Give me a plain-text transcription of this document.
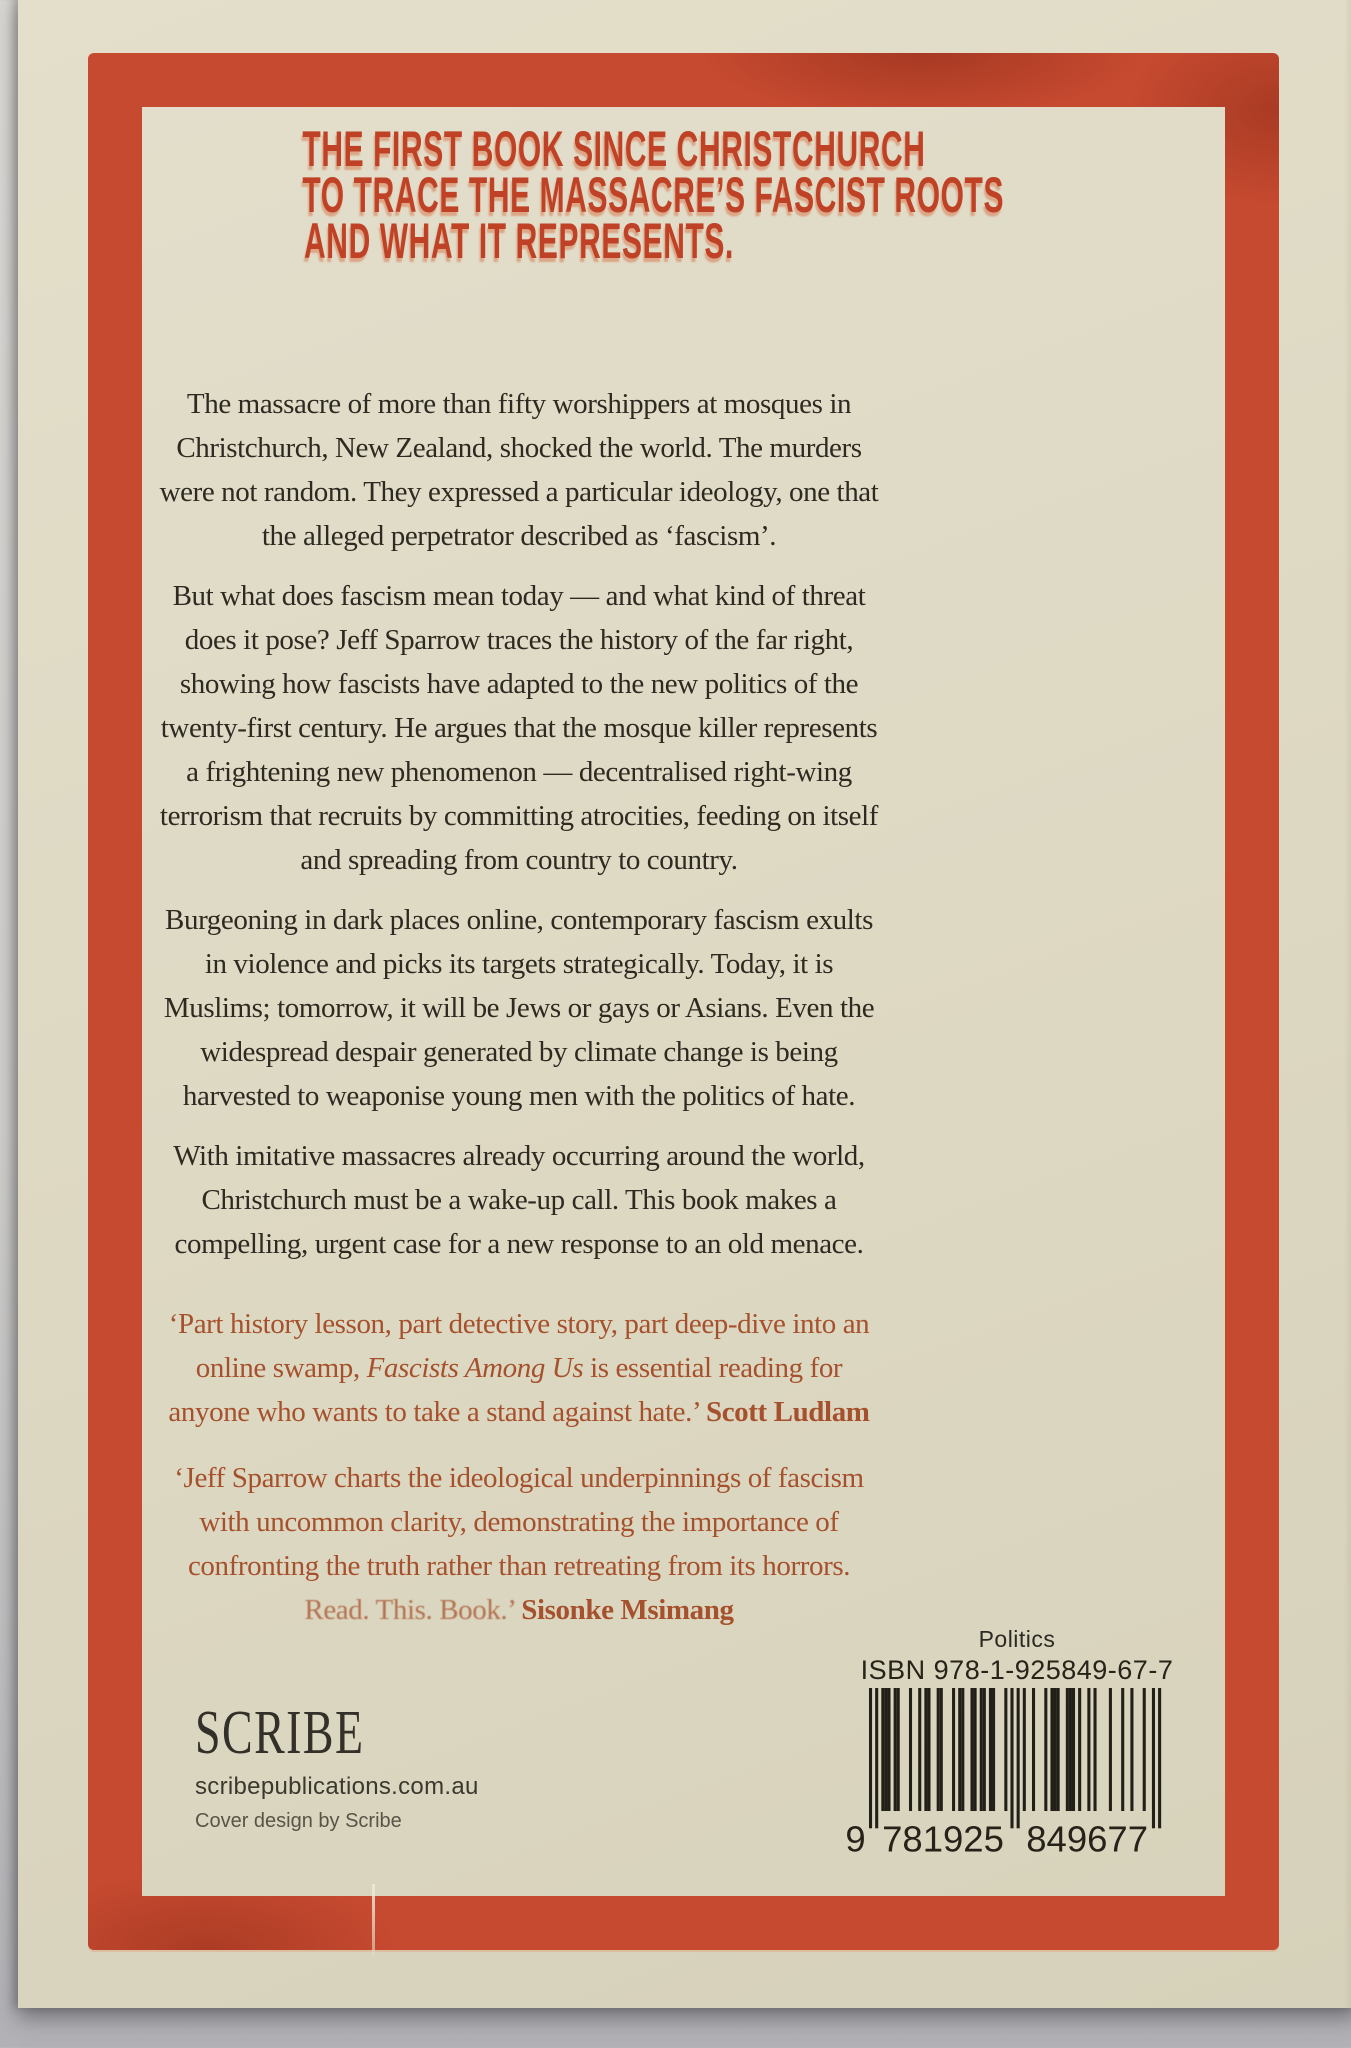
THE FIRST BOOK SINCE CHRISTCHURCH
TO TRACE THE MASSACRE’S FASCIST ROOTS
AND WHAT IT REPRESENTS.

The massacre of more than fifty worshippers at mosques in Christchurch, New Zealand, shocked the world. The murders were not random. They expressed a particular ideology, one that the alleged perpetrator described as ‘fascism’.

But what does fascism mean today — and what kind of threat does it pose? Jeff Sparrow traces the history of the far right, showing how fascists have adapted to the new politics of the twenty-first century. He argues that the mosque killer represents a frightening new phenomenon — decentralised right-wing terrorism that recruits by committing atrocities, feeding on itself and spreading from country to country.

Burgeoning in dark places online, contemporary fascism exults in violence and picks its targets strategically. Today, it is Muslims; tomorrow, it will be Jews or gays or Asians. Even the widespread despair generated by climate change is being harvested to weaponise young men with the politics of hate.

With imitative massacres already occurring around the world, Christchurch must be a wake-up call. This book makes a compelling, urgent case for a new response to an old menace.

‘Part history lesson, part detective story, part deep-dive into an online swamp, Fascists Among Us is essential reading for anyone who wants to take a stand against hate.’ Scott Ludlam

‘Jeff Sparrow charts the ideological underpinnings of fascism with uncommon clarity, demonstrating the importance of confronting the truth rather than retreating from its horrors. Read. This. Book.’ Sisonke Msimang

Politics
ISBN 978-1-925849-67-7
9 781925 849677
SCRIBE
scribepublications.com.au
Cover design by Scribe
